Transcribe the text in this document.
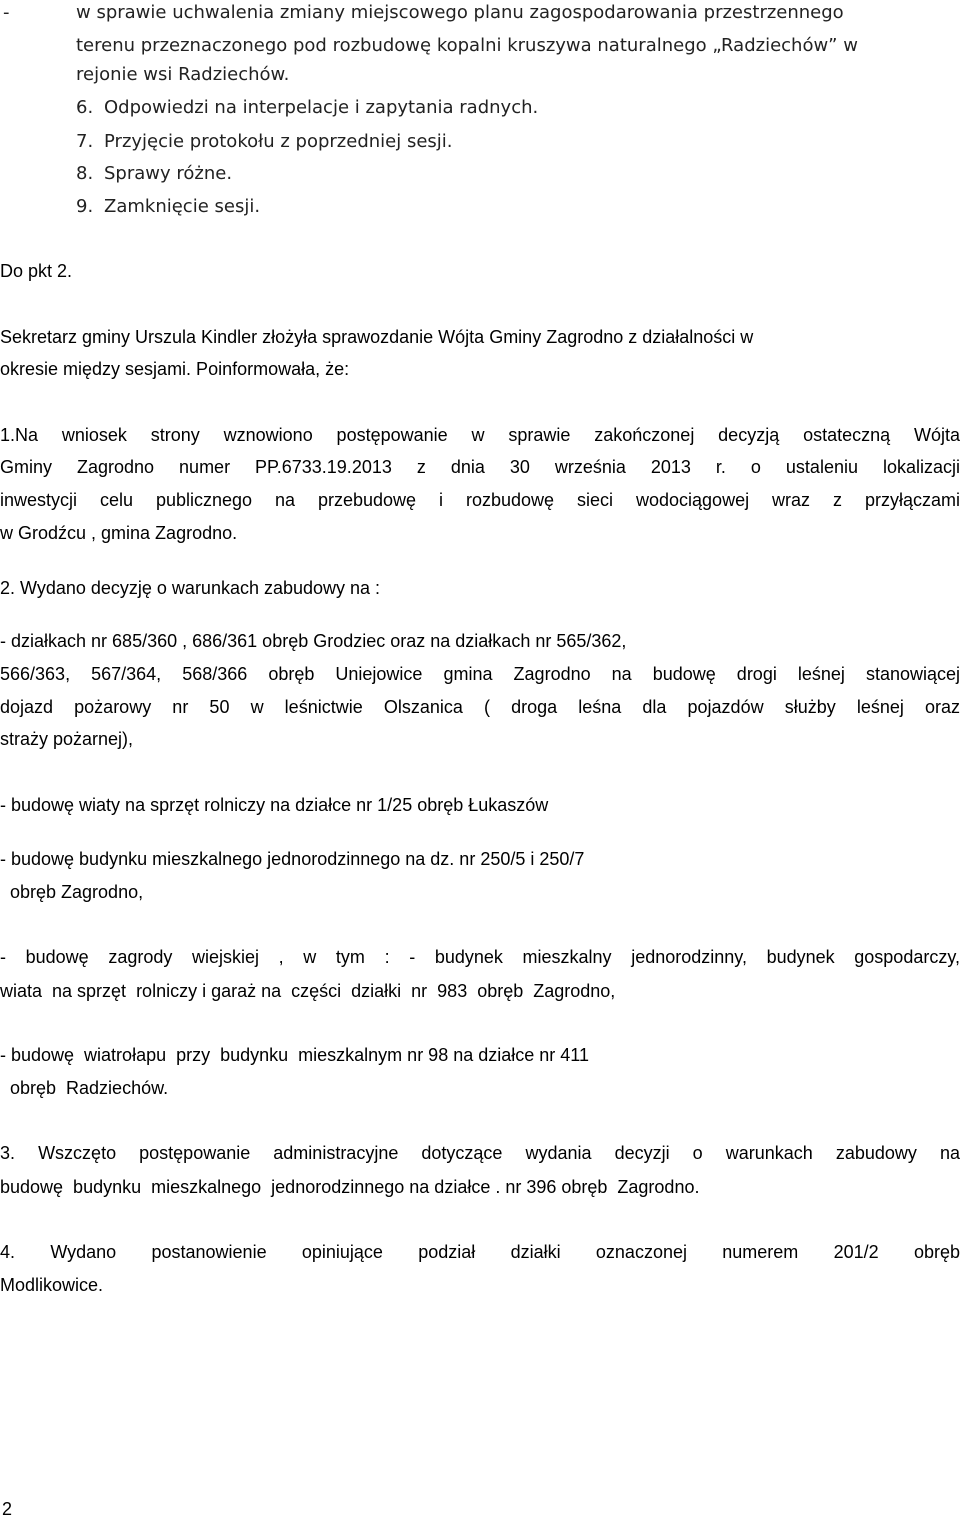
-	w sprawie uchwalenia zmiany miejscowego planu zagospodarowania przestrzennego
terenu przeznaczonego pod rozbudowę kopalni kruszywa naturalnego „Radziechów” w
rejonie wsi Radziechów.
6. Odpowiedzi na interpelacje i zapytania radnych.
7. Przyjęcie protokołu z poprzedniej sesji.
8. Sprawy różne.
9. Zamknięcie sesji.
Do pkt 2.
Sekretarz gminy Urszula Kindler złożyła sprawozdanie Wójta Gminy Zagrodno z działalności w
okresie między sesjami. Poinformowała, że:
1.Na wniosek strony wznowiono postępowanie w sprawie zakończonej decyzją ostateczną Wójta
Gminy Zagrodno numer PP.6733.19.2013 z dnia 30 września 2013 r. o ustaleniu lokalizacji
inwestycji celu publicznego na przebudowę i rozbudowę sieci wodociągowej wraz z przyłączami
w Grodźcu , gmina Zagrodno.
2. Wydano decyzję o warunkach zabudowy na :
- działkach nr 685/360 , 686/361 obręb Grodziec oraz na działkach nr 565/362,
566/363, 567/364, 568/366 obręb Uniejowice gmina Zagrodno na budowę drogi leśnej stanowiącej
dojazd pożarowy nr 50 w leśnictwie Olszanica ( droga leśna dla pojazdów służby leśnej oraz
straży pożarnej),
- budowę wiaty na sprzęt rolniczy na działce nr 1/25 obręb Łukaszów
- budowę budynku mieszkalnego jednorodzinnego na dz. nr 250/5 i 250/7
obręb Zagrodno,
- budowę zagrody wiejskiej , w tym : - budynek mieszkalny jednorodzinny, budynek gospodarczy,
wiata  na sprzęt  rolniczy i garaż na  części  działki  nr  983  obręb  Zagrodno,
- budowę  wiatrołapu  przy  budynku  mieszkalnym nr 98 na działce nr 411
obręb  Radziechów.
3. Wszczęto postępowanie administracyjne dotyczące wydania decyzji o warunkach zabudowy na
budowę  budynku  mieszkalnego  jednorodzinnego na działce . nr 396 obręb  Zagrodno.
4. Wydano postanowienie opiniujące podział działki oznaczonej numerem 201/2 obręb
Modlikowice.
2
